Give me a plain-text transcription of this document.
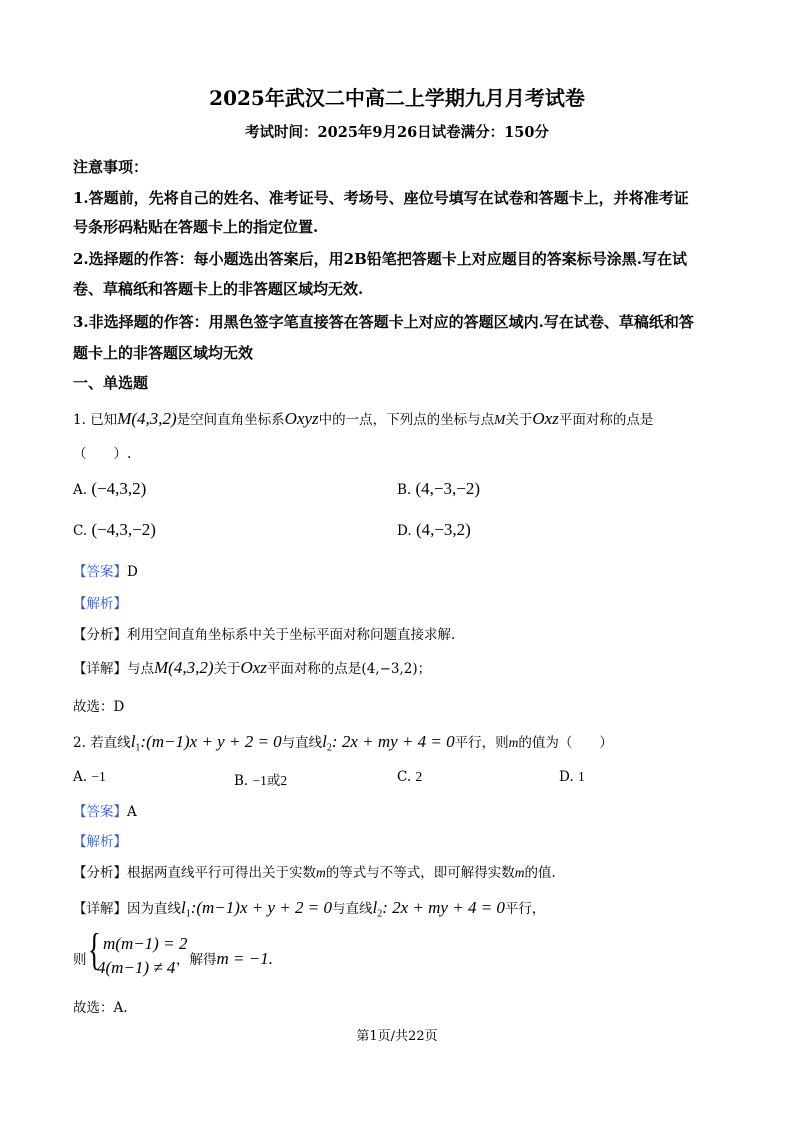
2025年武汉二中高二上学期九月月考试卷
考试时间：2025年9月26日试卷满分：150分
注意事项：
1.答题前，先将自己的姓名、准考证号、考场号、座位号填写在试卷和答题卡上，并将准考证
号条形码粘贴在答题卡上的指定位置.
2.选择题的作答：每小题选出答案后，用2B铅笔把答题卡上对应题目的答案标号涂黑.写在试
卷、草稿纸和答题卡上的非答题区域均无效.
3.非选择题的作答：用黑色签字笔直接答在答题卡上对应的答题区域内.写在试卷、草稿纸和答
题卡上的非答题区域均无效
一、单选题
1. 已知M(4,3,2)是空间直角坐标系Oxyz中的一点，下列点的坐标与点M关于Oxz平面对称的点是
（　　）.
A. (−4,3,2)	B. (4,−3,−2)
C. (−4,3,−2)	D. (4,−3,2)
【答案】D
【解析】
【分析】利用空间直角坐标系中关于坐标平面对称问题直接求解.
【详解】与点M(4,3,2)关于Oxz平面对称的点是(4,−3,2)；
故选：D
2. 若直线$l_1:(m-1)x + y + 2 = 0$与直线$l_2$: 2x + my + 4 = 0平行，则m的值为（　　）
A. −1	B. −1或2	C. 2	D. 1
【答案】A
【解析】
【分析】根据两直线平行可得出关于实数m的等式与不等式，即可解得实数m的值.
【详解】因为直线$l_1:(m-1)x + y + 2 = 0$与直线$l_2$: 2x + my + 4 = 0平行，
则 { m(m−1) = 2
4(m−1) ≠ 4 ，解得m = −1.
故选：A.
第1页/共22页
